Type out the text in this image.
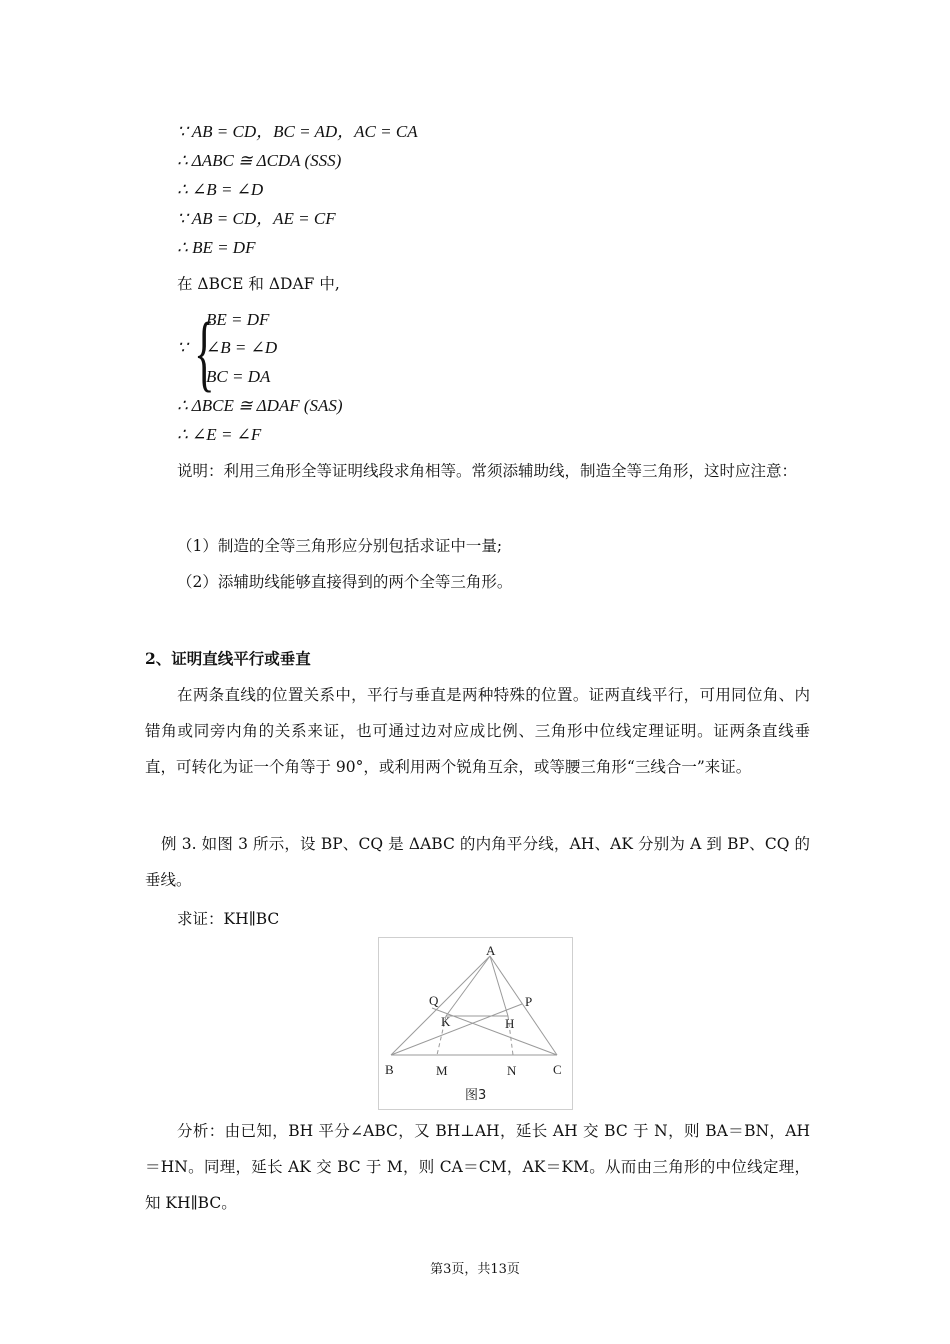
∵ AB = CD，BC = AD，AC = CA
∴ ΔABC ≅ ΔCDA (SSS)
∴ ∠B = ∠D
∵ AB = CD，AE = CF
∴ BE = DF
在 ΔBCE 和 ΔDAF 中,
∵ {
BE = DF
∠B = ∠D
BC = DA
∴ ΔBCE ≅ ΔDAF (SAS)
∴ ∠E = ∠F
说明：利用三角形全等证明线段求角相等。常须添辅助线，制造全等三角形，这时应注意：
（1）制造的全等三角形应分别包括求证中一量;
（2）添辅助线能够直接得到的两个全等三角形。
2、证明直线平行或垂直
在两条直线的位置关系中，平行与垂直是两种特殊的位置。证两直线平行，可用同位角、内错角或同旁内角的关系来证，也可通过边对应成比例、三角形中位线定理证明。证两条直线垂直，可转化为证一个角等于 90°，或利用两个锐角互余，或等腰三角形“三线合一”来证。
例 3. 如图 3 所示，设 BP、CQ 是 ΔABC 的内角平分线，AH、AK 分别为 A 到 BP、CQ 的垂线。
求证：KH∥BC
A
B	C
P
Q
K	H
M	N
图3
分析：由已知，BH 平分∠ABC，又 BH⊥AH，延长 AH 交 BC 于 N，则 BA＝BN，AH＝HN。同理，延长 AK 交 BC 于 M，则 CA＝CM，AK＝KM。从而由三角形的中位线定理，知 KH∥BC。
第3页，共13页
